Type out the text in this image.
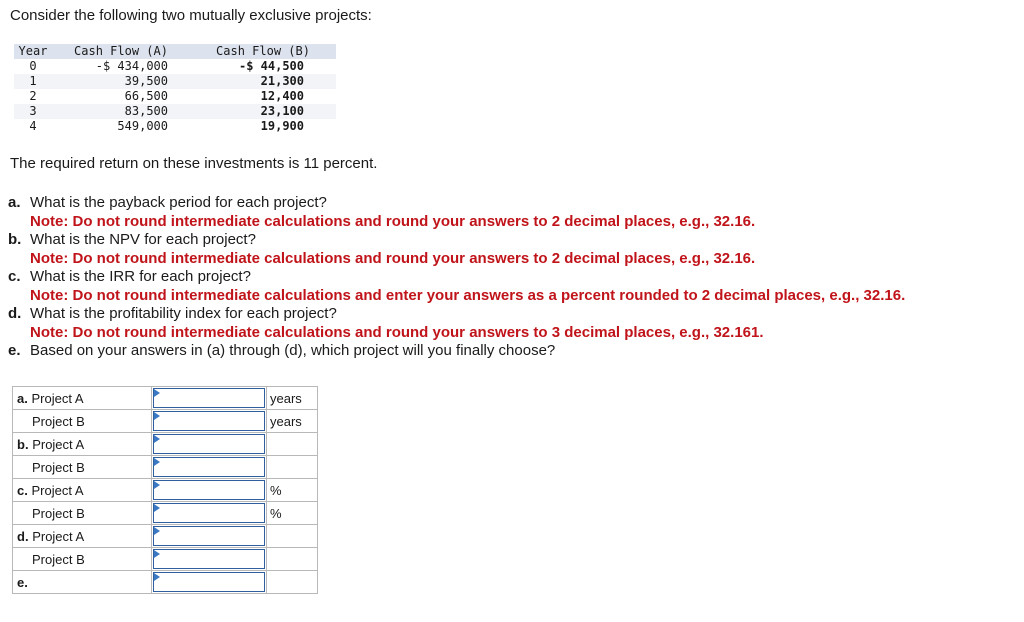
Consider the following two mutually exclusive projects:
Year	Cash Flow (A)	Cash Flow (B)
0	-$ 434,000	-$ 44,500
1	39,500	21,300
2	66,500	12,400
3	83,500	23,100
4	549,000	19,900
The required return on these investments is 11 percent.
a. What is the payback period for each project?
Note: Do not round intermediate calculations and round your answers to 2 decimal places, e.g., 32.16.
b. What is the NPV for each project?
Note: Do not round intermediate calculations and round your answers to 2 decimal places, e.g., 32.16.
c. What is the IRR for each project?
Note: Do not round intermediate calculations and enter your answers as a percent rounded to 2 decimal places, e.g., 32.16.
d. What is the profitability index for each project?
Note: Do not round intermediate calculations and round your answers to 3 decimal places, e.g., 32.161.
e. Based on your answers in (a) through (d), which project will you finally choose?
a. Project A		years
Project B		years
b. Project A	

Project B	

c. Project A		%
Project B		%
d. Project A	

Project B	

e.	
